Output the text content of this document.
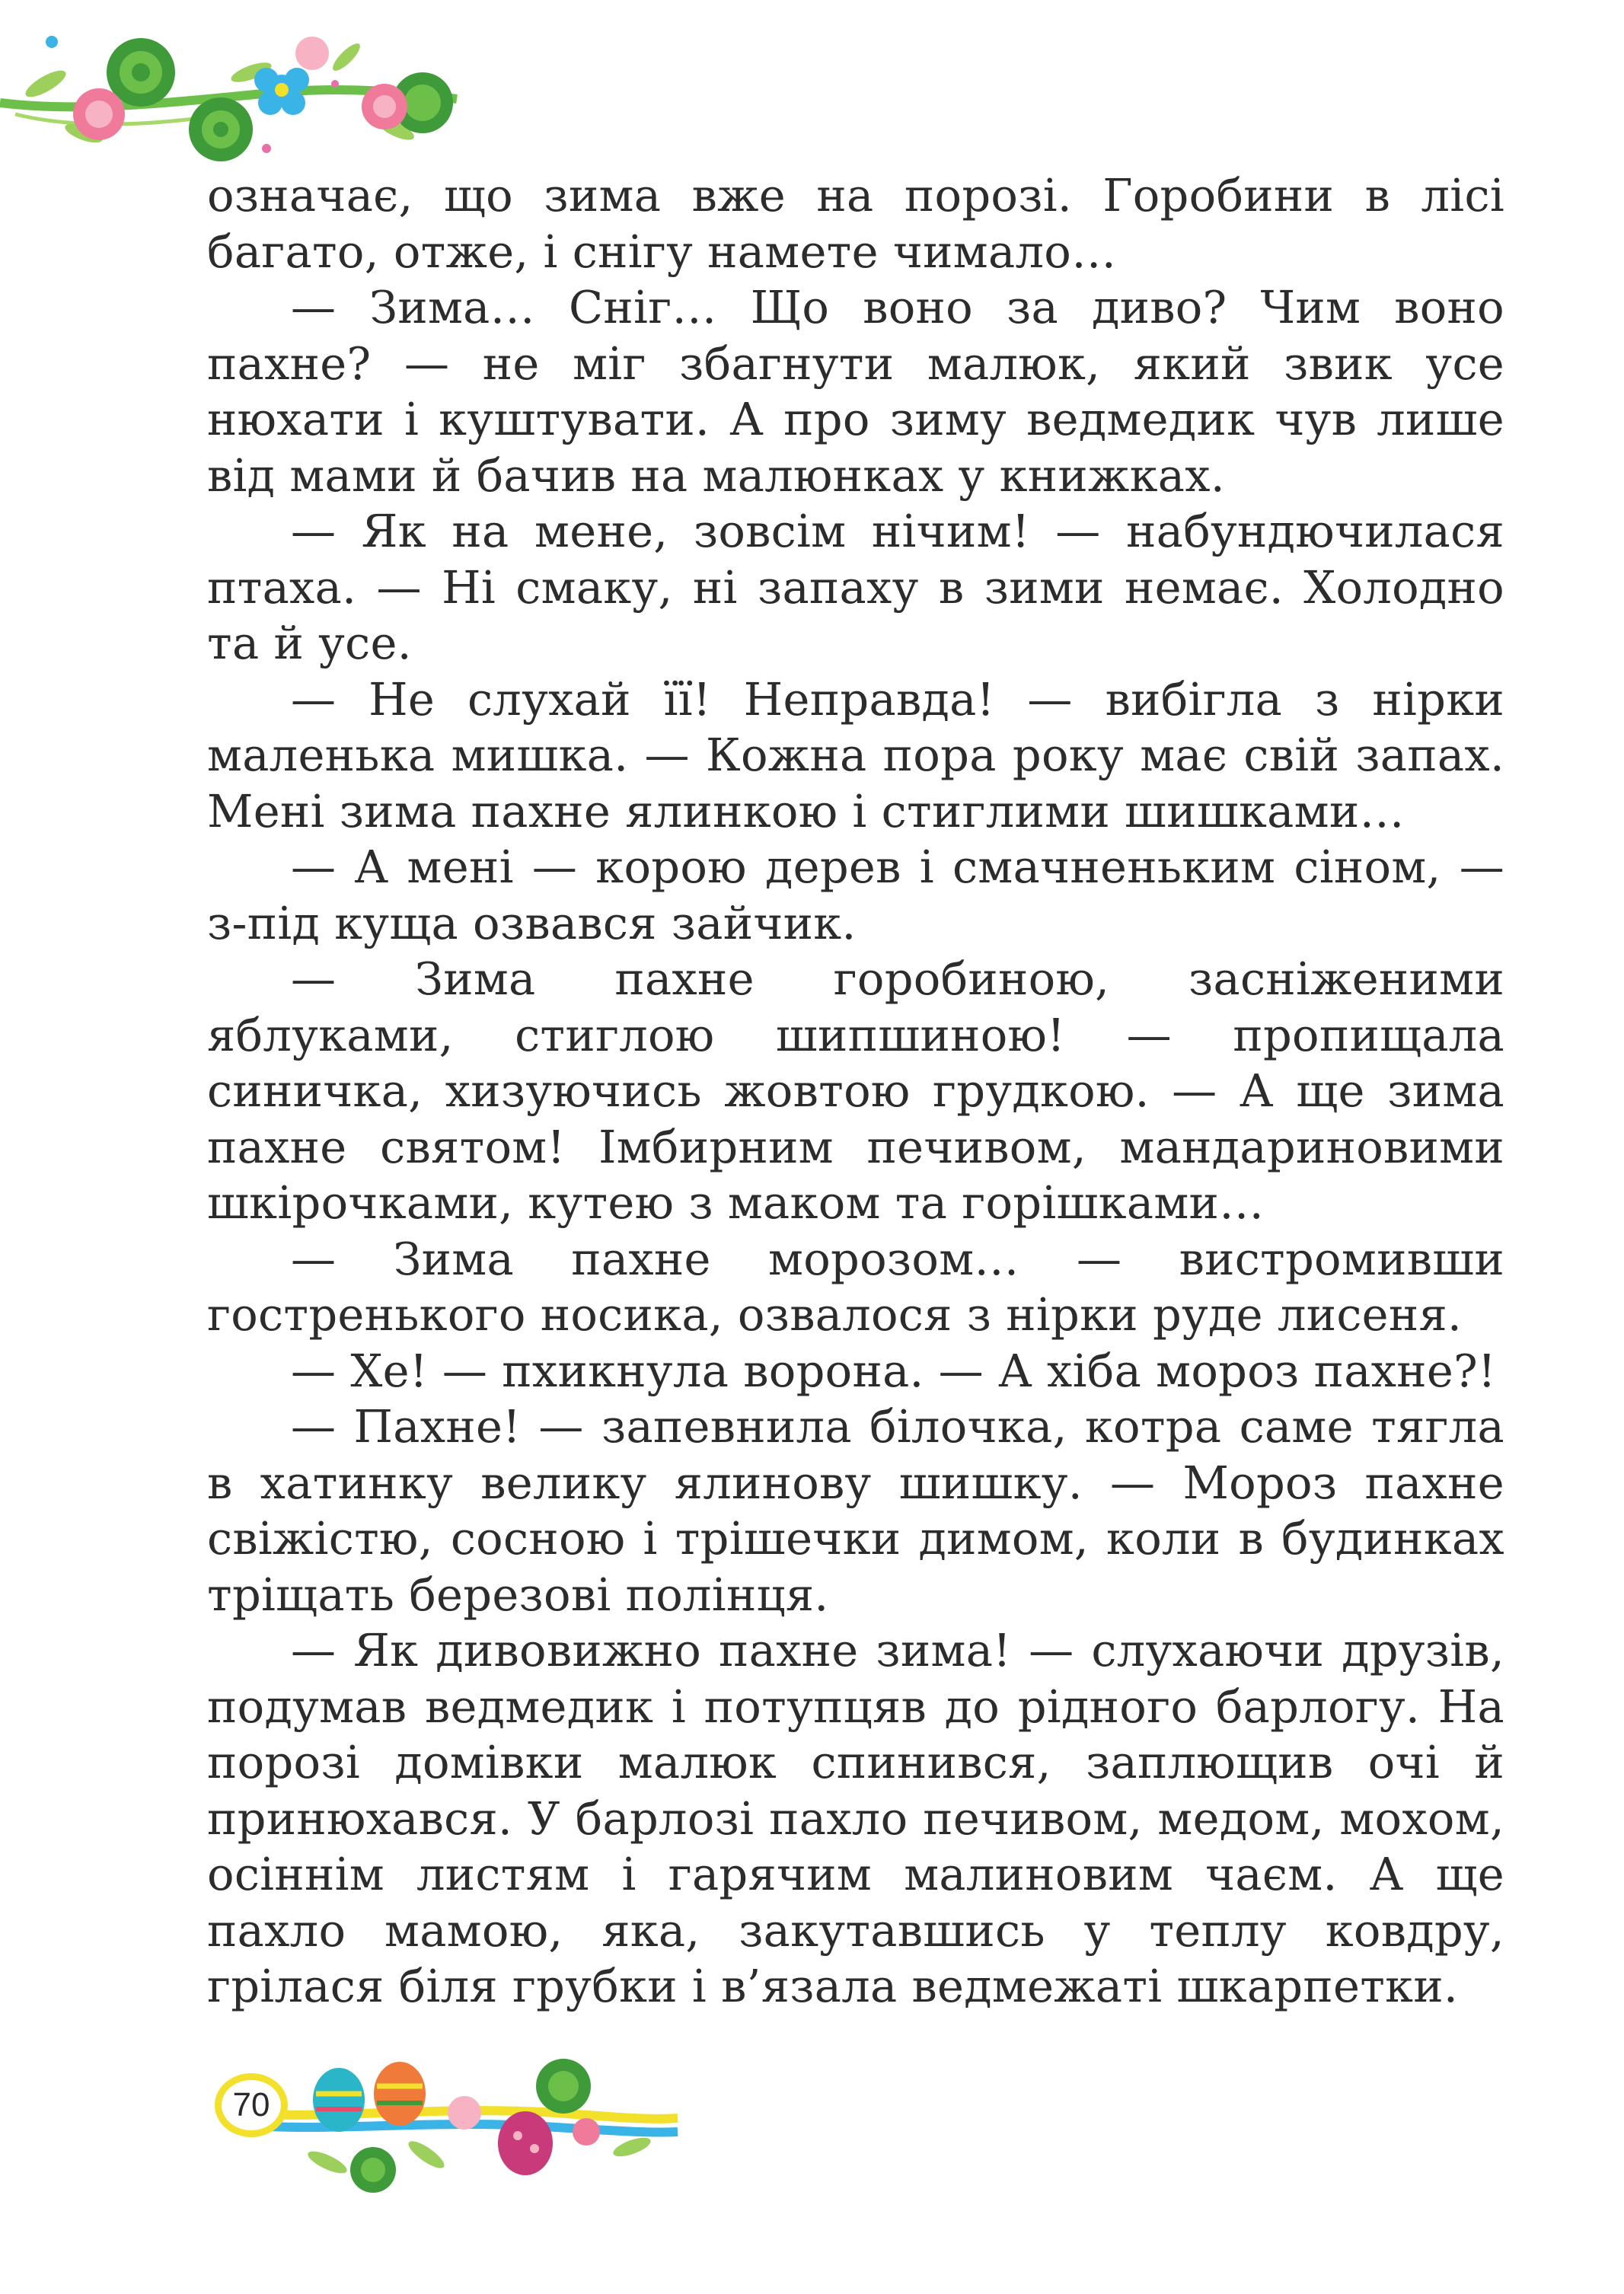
означає, що зима вже на порозі. Горобини в лісі багато, отже, і снігу намете чимало…

— Зима… Сніг… Що воно за диво? Чим воно пахне? — не міг збагнути малюк, який звик усе нюхати і куштувати. А про зиму ведмедик чув лише від мами й бачив на малюнках у книжках.

— Як на мене, зовсім нічим! — набундючилася птаха. — Ні смаку, ні запаху в зими немає. Холодно та й усе.

— Не слухай її! Неправда! — вибігла з нірки маленька мишка. — Кожна пора року має свій запах. Мені зима пахне ялинкою і стиглими шишками…

— А мені — корою дерев і смачненьким сіном, — з-під куща озвався зайчик.

— Зима пахне горобиною, засніженими яблуками, стиглою шипшиною! — пропищала синичка, хизуючись жовтою грудкою. — А ще зима пахне святом! Імбирним печивом, мандариновими шкірочками, кутею з маком та горішками…

— Зима пахне морозом… — вистромивши гостренького носика, озвалося з нірки руде лисеня.

— Хе! — пхикнула ворона. — А хіба мороз пахне?!

— Пахне! — запевнила білочка, котра саме тягла в хатинку велику ялинову шишку. — Мороз пахне свіжістю, сосною і трішечки димом, коли в будинках тріщать березові полінця.

— Як дивовижно пахне зима! — слухаючи друзів, подумав ведмедик і потупцяв до рідного барлогу. На порозі домівки малюк спинився, заплющив очі й принюхався. У барлозі пахло печивом, медом, мохом, осіннім листям і гарячим малиновим чаєм. А ще пахло мамою, яка, закутавшись у теплу ковдру, грілася біля грубки і в’язала ведмежаті шкарпетки.

70
